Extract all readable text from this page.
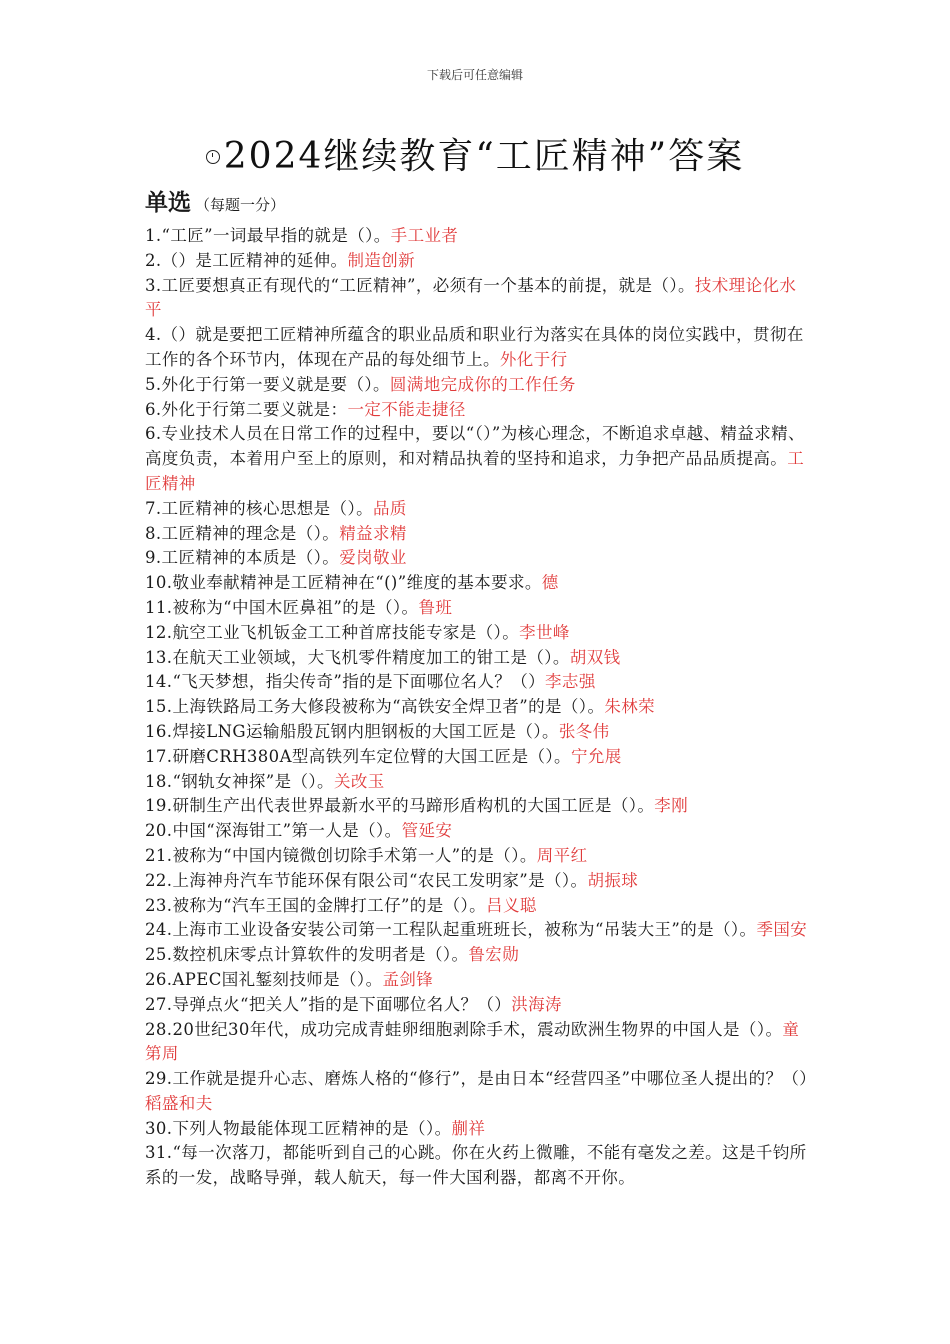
下载后可任意编辑
2024继续教育“工匠精神”答案
单选 （每题一分）

1.“工匠”一词最早指的就是（）。手工业者

2.（）是工匠精神的延伸。制造创新

3.工匠要想真正有现代的“工匠精神”，必须有一个基本的前提，就是（）。技术理论化水平

4.（）就是要把工匠精神所蕴含的职业品质和职业行为落实在具体的岗位实践中，贯彻在工作的各个环节内，体现在产品的每处细节上。外化于行

5.外化于行第一要义就是要（）。圆满地完成你的工作任务

6.外化于行第二要义就是：一定不能走捷径

6.专业技术人员在日常工作的过程中，要以“（）”为核心理念，不断追求卓越、精益求精、高度负责，本着用户至上的原则，和对精品执着的坚持和追求，力争把产品品质提高。工匠精神

7.工匠精神的核心思想是（）。品质

8.工匠精神的理念是（）。精益求精

9.工匠精神的本质是（）。爱岗敬业

10.敬业奉献精神是工匠精神在“()”维度的基本要求。德

11.被称为“中国木匠鼻祖”的是（）。鲁班

12.航空工业飞机钣金工工种首席技能专家是（）。李世峰

13.在航天工业领域，大飞机零件精度加工的钳工是（）。胡双钱

14.“飞天梦想，指尖传奇”指的是下面哪位名人？（）李志强

15.上海铁路局工务大修段被称为“高铁安全焊卫者”的是（）。朱林荣

16.焊接LNG运输船殷瓦钢内胆钢板的大国工匠是（）。张冬伟

17.研磨CRH380A型高铁列车定位臂的大国工匠是（）。宁允展

18.“钢轨女神探”是（）。关改玉

19.研制生产出代表世界最新水平的马蹄形盾构机的大国工匠是（）。李刚

20.中国“深海钳工”第一人是（）。管延安

21.被称为“中国内镜微创切除手术第一人”的是（）。周平红

22.上海神舟汽车节能环保有限公司“农民工发明家”是（）。胡振球

23.被称为“汽车王国的金牌打工仔”的是（）。吕义聪

24.上海市工业设备安装公司第一工程队起重班班长，被称为“吊装大王”的是（）。季国安

25.数控机床零点计算软件的发明者是（）。鲁宏勋

26.APEC国礼錾刻技师是（）。孟剑锋

27.导弹点火“把关人”指的是下面哪位名人？（）洪海涛

28.20世纪30年代，成功完成青蛙卵细胞剥除手术，震动欧洲生物界的中国人是（）。童第周

29.工作就是提升心志、磨炼人格的“修行”，是由日本“经营四圣”中哪位圣人提出的？（）稻盛和夫

30.下列人物最能体现工匠精神的是（）。蒯祥

31.“每一次落刀，都能听到自己的心跳。你在火药上微雕，不能有毫发之差。这是千钧所系的一发，战略导弹，载人航天，每一件大国利器，都离不开你。
